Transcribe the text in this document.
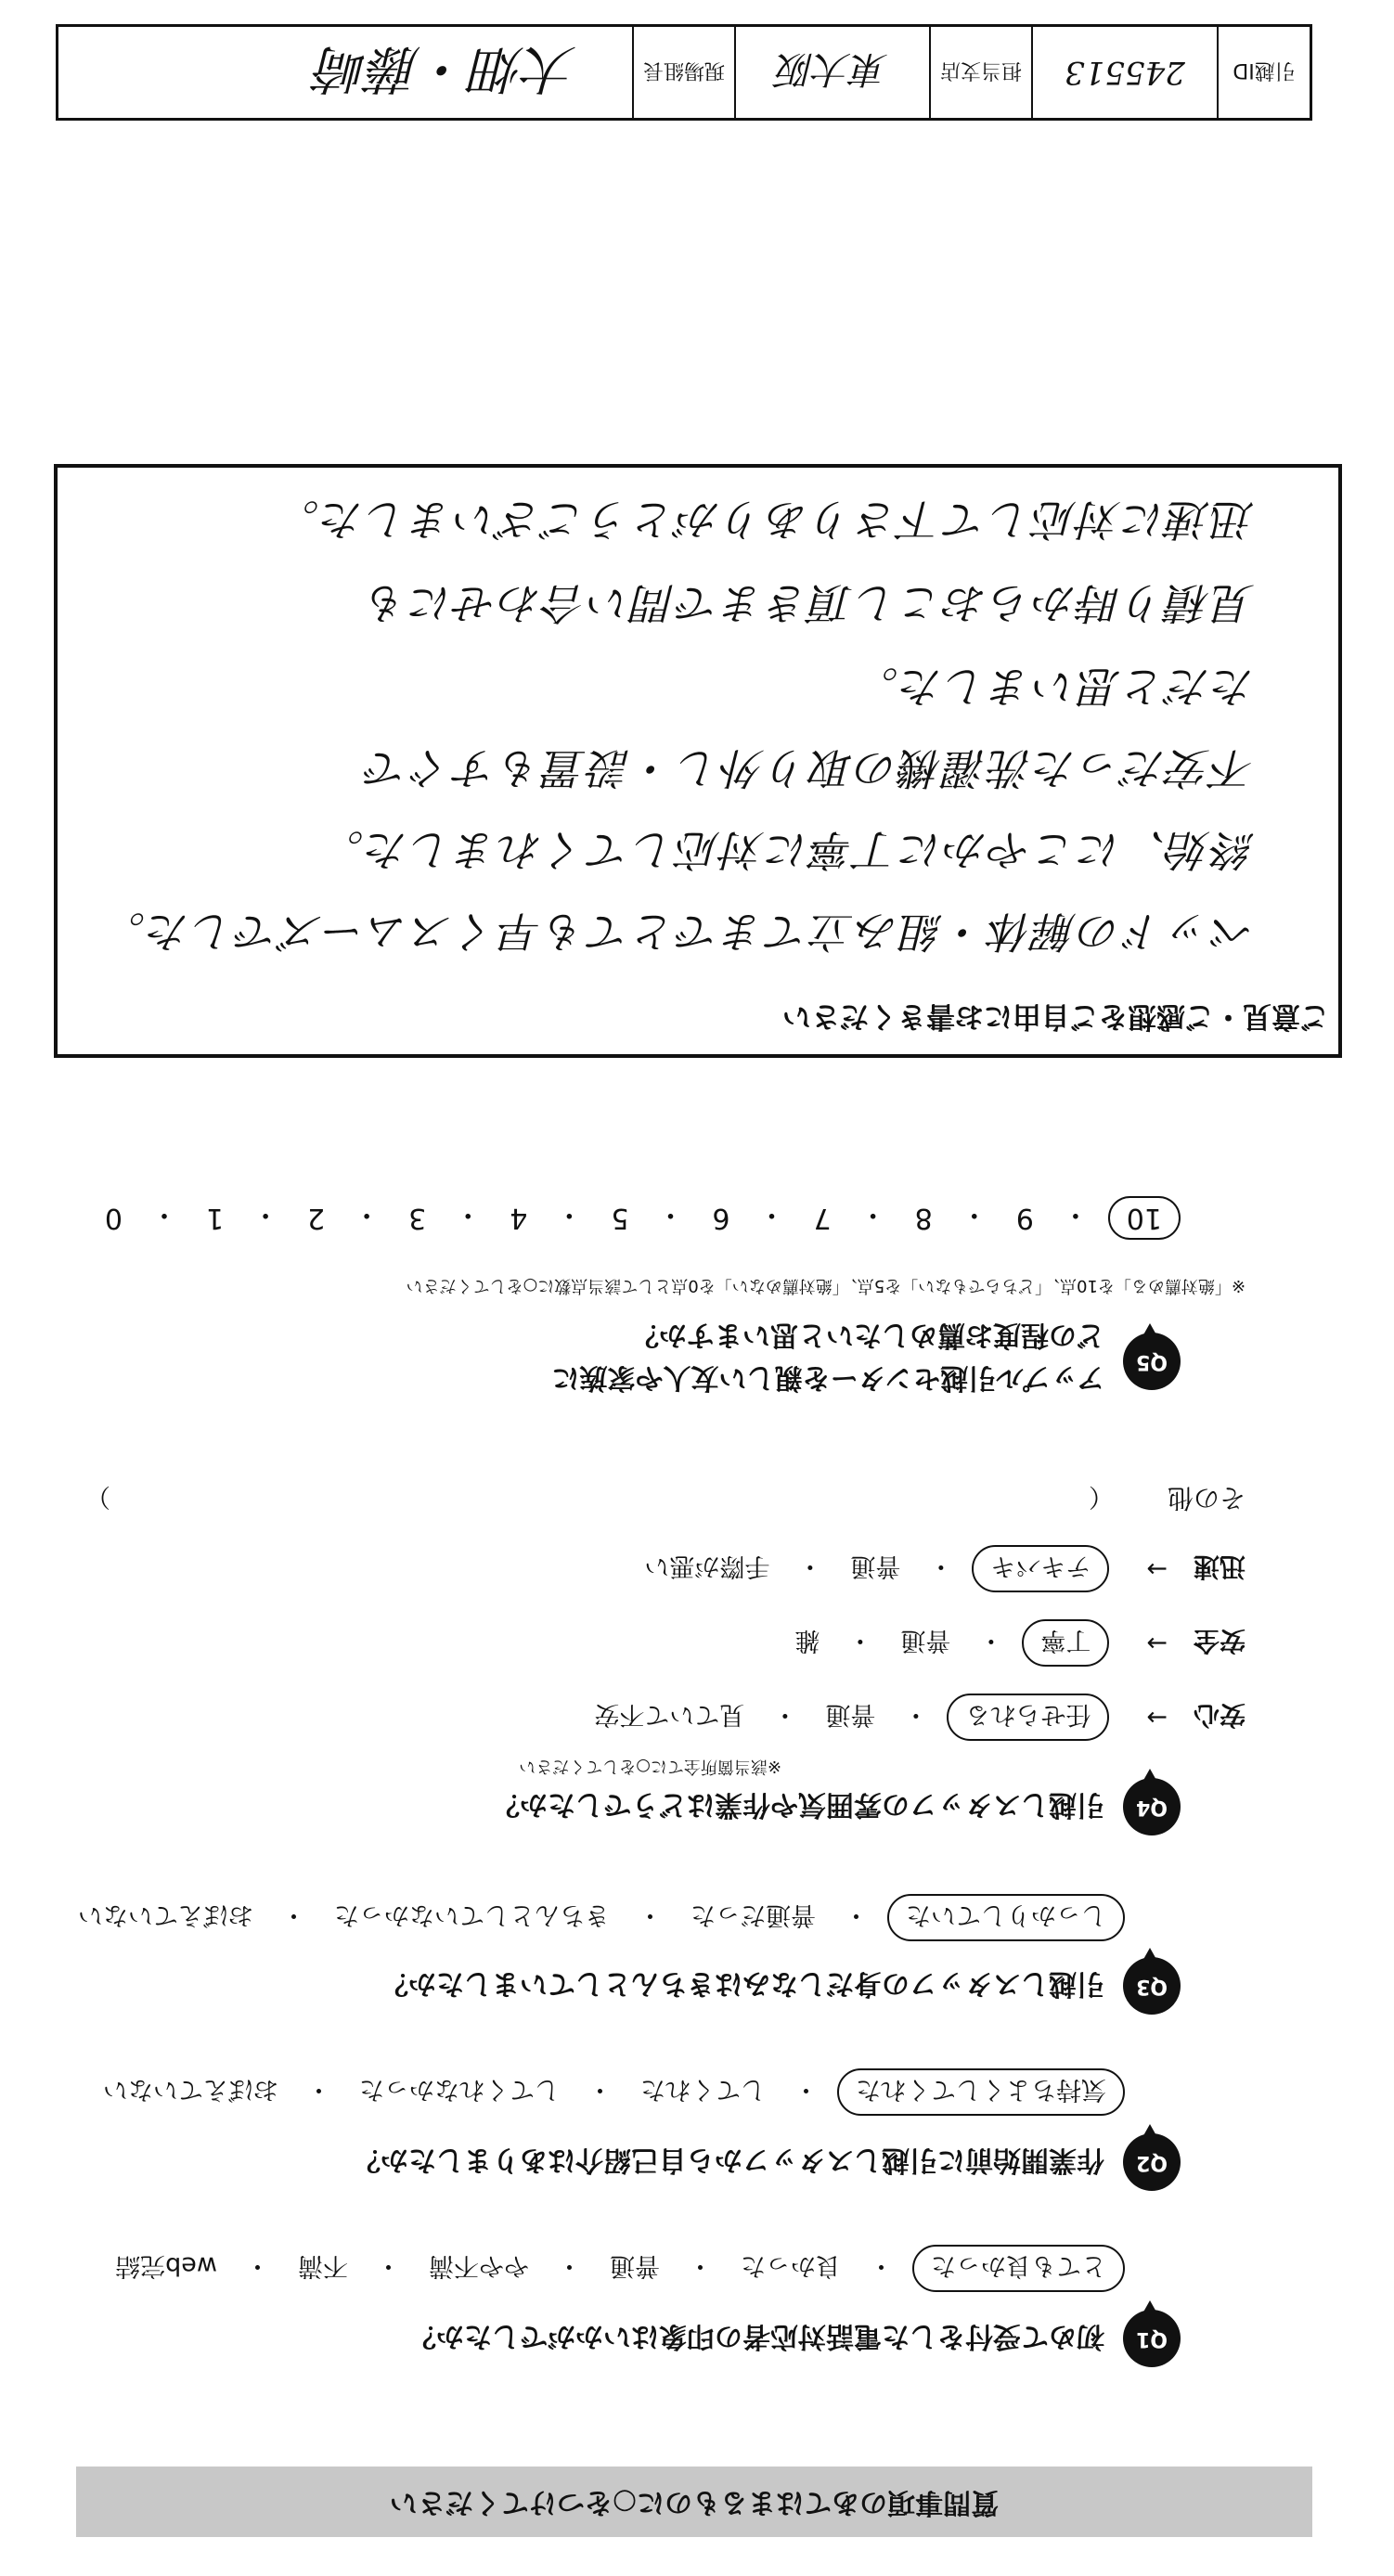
引越ID
245513
担当支店
東大阪
現場組長
大畑・藤崎
質問事項のあてはまるものに○をつけてください
Q1
初めて受付をした電話対応者の印象はいかがでしたか？
とても良かった
・
良かった
・
普通
・
やや不満
・
不満
・
web完結
Q2
作業開始前に引越しスタッフから自己紹介はありましたか？
気持ちよくしてくれた
・
してくれた
・
してくれなかった
・
おぼえていない
Q3
引越しスタッフの身だしなみはきちんとしていましたか？
しっかりしていた
・
普通だった
・
きちんとしていなかった
・
おぼえていない
Q4
引越しスタッフの雰囲気や作業はどうでしたか？
※該当箇所全てに○をしてください
安心
→
任せられる
・
普通
・
見ていて不安
安全
→
丁寧
・
普通
・
雑
迅速
→
テキパキ
・
普通
・
手際が悪い
その他
（
）
Q5
アップル引越センターを親しい友人や家族に
どの程度お薦めしたいと思いますか？
※「絶対薦める」を10点、「どちらでもない」を5点、「絶対薦めない」を0点として該当点数に○をしてください
10
・
9
・
8
・
7
・
6
・
5
・
4
・
3
・
2
・
1
・
0
ご意見・ご感想をご自由にお書きください
ベッドの解体・組み立てまでとても早くスムーズでした。
終始、にこやかに丁寧に対応してくれました。
不安だった洗濯機の取り外し・設置もすぐで
ただと思いました。
見積り時からおこし頂きまで問い合わせにも
迅速に対応して下さりありがとうございました。
